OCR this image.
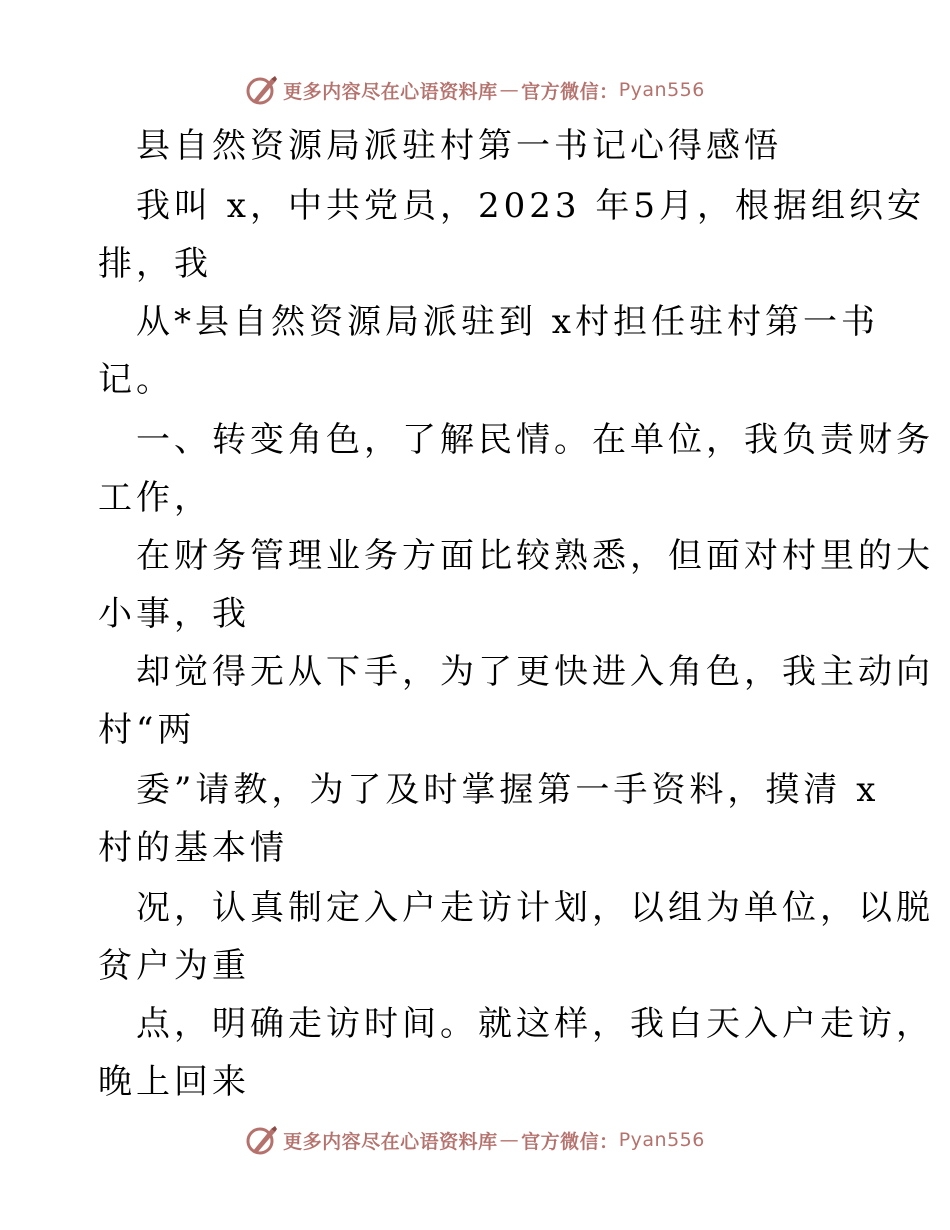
更多内容尽在心语资料库 — 官方微信： Pyan556
县自然资源局派驻村第一书记心得感悟
我叫 x，中共党员，2023 年5月，根据组织安
排，我
从*县自然资源局派驻到 x村担任驻村第一书
记。
一、转变角色，了解民情。在单位，我负责财务
工作，
在财务管理业务方面比较熟悉，但面对村里的大
小事，我
却觉得无从下手，为了更快进入角色，我主动向
村“两
委”请教，为了及时掌握第一手资料，摸清 x
村的基本情
况，认真制定入户走访计划，以组为单位，以脱
贫户为重
点，明确走访时间。就这样，我白天入户走访，
晚上回来
更多内容尽在心语资料库 — 官方微信： Pyan556
